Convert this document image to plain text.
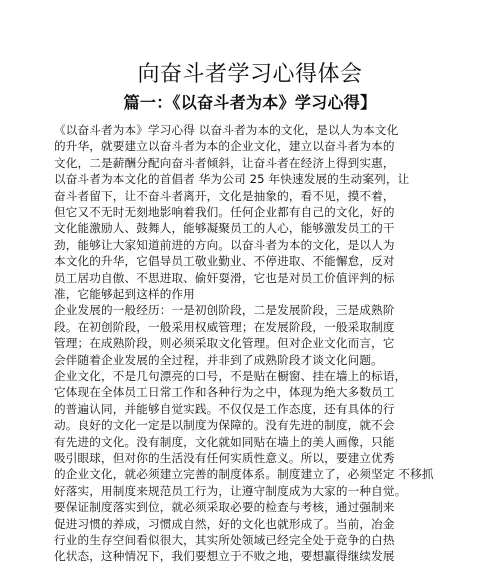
向奋斗者学习心得体会
篇一：《以奋斗者为本》学习心得】
《以奋斗者为本》学习心得 以奋斗者为本的文化，是以人为本文化
的升华，就要建立以奋斗者为本的企业文化，建立以奋斗者为本的
文化，二是薪酬分配向奋斗者倾斜，让奋斗者在经济上得到实惠，
以奋斗者为本文化的首倡者 华为公司 25 年快速发展的生动案列，让
奋斗者留下，让不奋斗者离开，文化是抽象的，看不见，摸不着，
但它又不无时无刻地影响着我们。任何企业都有自己的文化，好的
文化能激励人、鼓舞人，能够凝聚员工的人心，能够激发员工的干
劲，能够让大家知道前进的方向。以奋斗者为本的文化，是以人为
本文化的升华，它倡导员工敬业勤业、不停进取、不能懈怠，反对
员工居功自傲、不思进取、偷奸耍滑，它也是对员工价值评判的标
准，它能够起到这样的作用
企业发展的一般经历：一是初创阶段，二是发展阶段，三是成熟阶
段。在初创阶段，一般采用权威管理；在发展阶段，一般采取制度
管理；在成熟阶段，则必须采取文化管理。但对企业文化而言，它
会伴随着企业发展的全过程，并非到了成熟阶段才谈文化问题。
企业文化，不是几句漂亮的口号，不是贴在橱窗、挂在墙上的标语，
它体现在全体员工日常工作和各种行为之中，体现为绝大多数员工
的普遍认同，并能够自觉实践。不仅仅是工作态度，还有具体的行
动。良好的文化一定是以制度为保障的。没有先进的制度，就不会
有先进的文化。没有制度，文化就如同贴在墙上的美人画像，只能
吸引眼球，但对你的生活没有任何实质性意义。所以，要建立优秀
的企业文化，就必须建立完善的制度体系。制度建立了，必须坚定 不移抓
好落实，用制度来规范员工行为，让遵守制度成为大家的一种自觉。
要保证制度落实到位，就必须采取必要的检查与考核，通过强制来
促进习惯的养成，习惯成自然，好的文化也就形成了。当前，冶金
行业的生存空间看似很大，其实所处领域已经完全处于竞争的白热
化状态，这种情况下，我们要想立于不败之地，要想赢得继续发展
